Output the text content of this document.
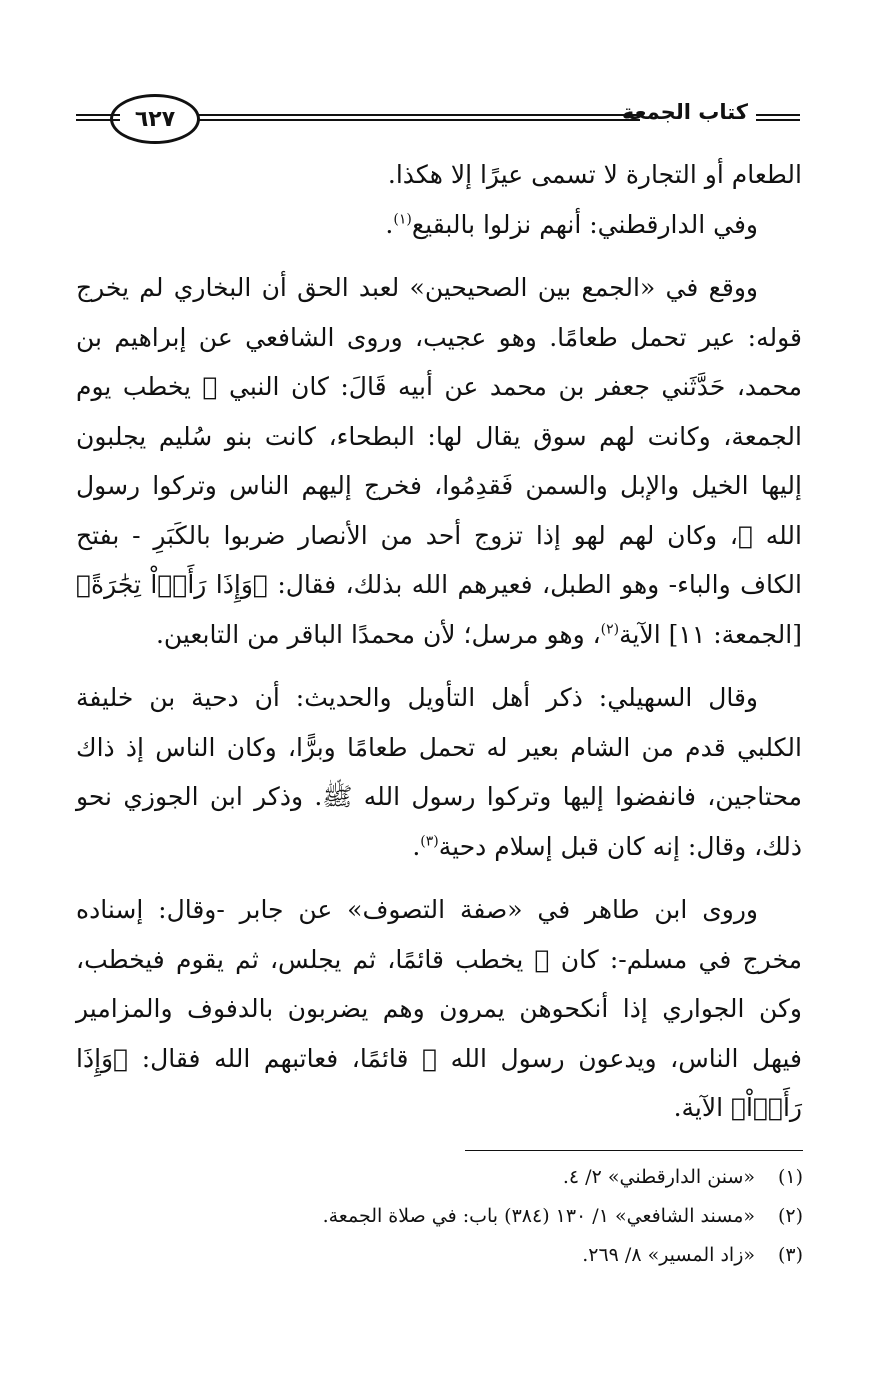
كتاب الجمعة
٦٢٧

الطعام أو التجارة لا تسمى عيرًا إلا هكذا.

وفي الدارقطني: أنهم نزلوا بالبقيع$^{(١)}$.

ووقع في «الجمع بين الصحيحين» لعبد الحق أن البخاري لم يخرج قوله: عير تحمل طعامًا. وهو عجيب، وروى الشافعي عن إبراهيم بن محمد، حَدَّثَني جعفر بن محمد عن أبيه قَالَ: كان النبي ﷺ يخطب يوم الجمعة، وكانت لهم سوق يقال لها: البطحاء، كانت بنو سُليم يجلبون إليها الخيل والإبل والسمن فَقدِمُوا، فخرج إليهم الناس وتركوا رسول الله ﷺ، وكان لهم لهو إذا تزوج أحد من الأنصار ضربوا بالكَبَرِ - بفتح الكاف والباء- وهو الطبل، فعيرهم الله بذلك، فقال: ﴿وَإِذَا رَأَوۡاْ تِجَٰرَةً﴾ [الجمعة: ١١] الآية$^{(٢)}$، وهو مرسل؛ لأن محمدًا الباقر من التابعين.

وقال السهيلي: ذكر أهل التأويل والحديث: أن دحية بن خليفة الكلبي قدم من الشام بعير له تحمل طعامًا وبرًّا، وكان الناس إذ ذاك محتاجين، فانفضوا إليها وتركوا رسول الله ﷺ. وذكر ابن الجوزي نحو ذلك، وقال: إنه كان قبل إسلام دحية$^{(٣)}$.

وروى ابن طاهر في «صفة التصوف» عن جابر -وقال: إسناده مخرج في مسلم-: كان ﷺ يخطب قائمًا، ثم يجلس، ثم يقوم فيخطب، وكن الجواري إذا أنكحوهن يمرون وهم يضربون بالدفوف والمزامير فيهل الناس، ويدعون رسول الله ﷺ قائمًا، فعاتبهم الله فقال: ﴿وَإِذَا رَأَوۡاْ﴾ الآية.

(١)
«سنن الدارقطني» ٢/ ٤.
(٢)
«مسند الشافعي» ١/ ١٣٠ (٣٨٤) باب: في صلاة الجمعة.
(٣)
«زاد المسير» ٨/ ٢٦٩.
